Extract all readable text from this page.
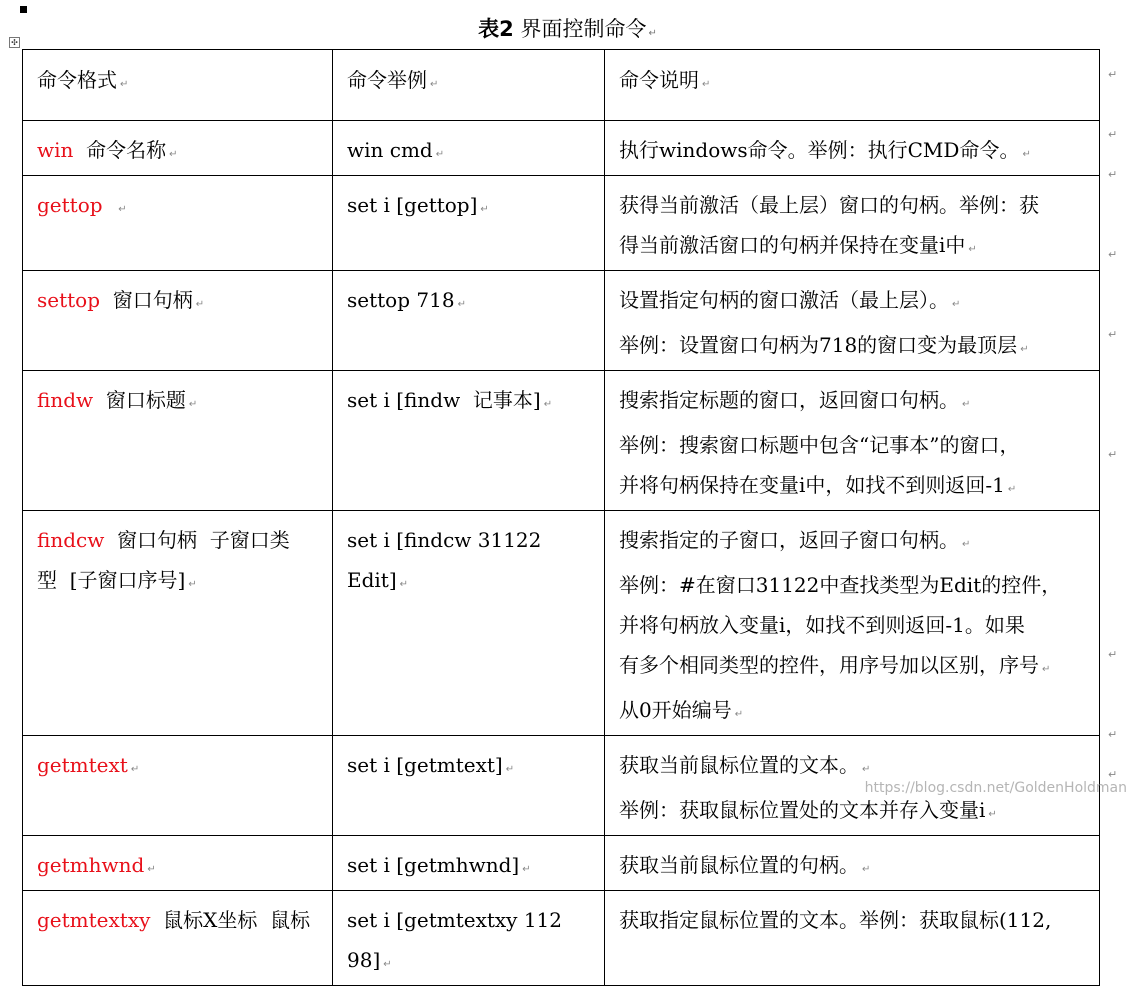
✣
表2 界面控制命令 ↵
命令格式 ↵	命令举例 ↵	命令说明 ↵
win 命令名称 ↵	win cmd ↵	执行windows命令。举例：执行CMD命令。 ↵
gettop ↵	set i [gettop] ↵	获得当前激活（最上层）窗口的句柄。举例：获
得当前激活窗口的句柄并保持在变量i中 ↵
settop 窗口句柄 ↵	settop 718 ↵	设置指定句柄的窗口激活（最上层）。 ↵
举例：设置窗口句柄为718的窗口变为最顶层 ↵
findw 窗口标题 ↵	set i [findw  记事本] ↵	搜索指定标题的窗口，返回窗口句柄。 ↵
举例：搜索窗口标题中包含“记事本”的窗口，
并将句柄保持在变量i中，如找不到则返回-1 ↵
findcw 窗口句柄  子窗口类
型  [子窗口序号] ↵	set i [findcw 31122 Edit] ↵	搜索指定的子窗口，返回子窗口句柄。 ↵
举例：#在窗口31122中查找类型为Edit的控件，
并将句柄放入变量i，如找不到则返回-1。如果
有多个相同类型的控件，用序号加以区别，序号 ↵
从0开始编号 ↵
getmtext ↵	set i [getmtext] ↵	获取当前鼠标位置的文本。 ↵
举例：获取鼠标位置处的文本并存入变量i ↵
getmhwnd ↵	set i [getmhwnd] ↵	获取当前鼠标位置的句柄。 ↵
getmtextxy 鼠标X坐标  鼠标	set i [getmtextxy 112 98] ↵	获取指定鼠标位置的文本。举例：获取鼠标(112,
↵
↵
↵
↵
↵
↵
↵
↵
↵
https://blog.csdn.net/GoldenHoldman
